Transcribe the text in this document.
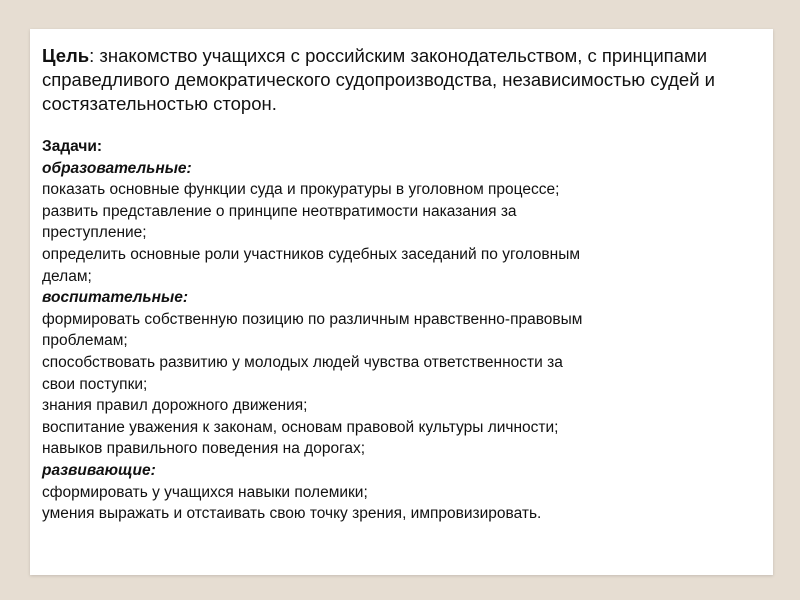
Цель: знакомство учащихся с российским законодательством, с принципами справедливого демократического судопроизводства, независимостью судей и состязательностью сторон.

Задачи:
образовательные:
показать основные функции суда и прокуратуры в уголовном процессе;
развить представление о принципе неотвратимости наказания за
преступление;
определить основные роли участников судебных заседаний по уголовным
делам;
воспитательные:
формировать собственную позицию по различным нравственно-правовым
проблемам;
способствовать развитию у молодых людей чувства ответственности за
свои поступки;
знания правил дорожного движения;
воспитание уважения к законам, основам правовой культуры личности;
навыков правильного поведения на дорогах;
развивающие:
сформировать у учащихся навыки полемики;
умения выражать и отстаивать свою точку зрения, импровизировать.
